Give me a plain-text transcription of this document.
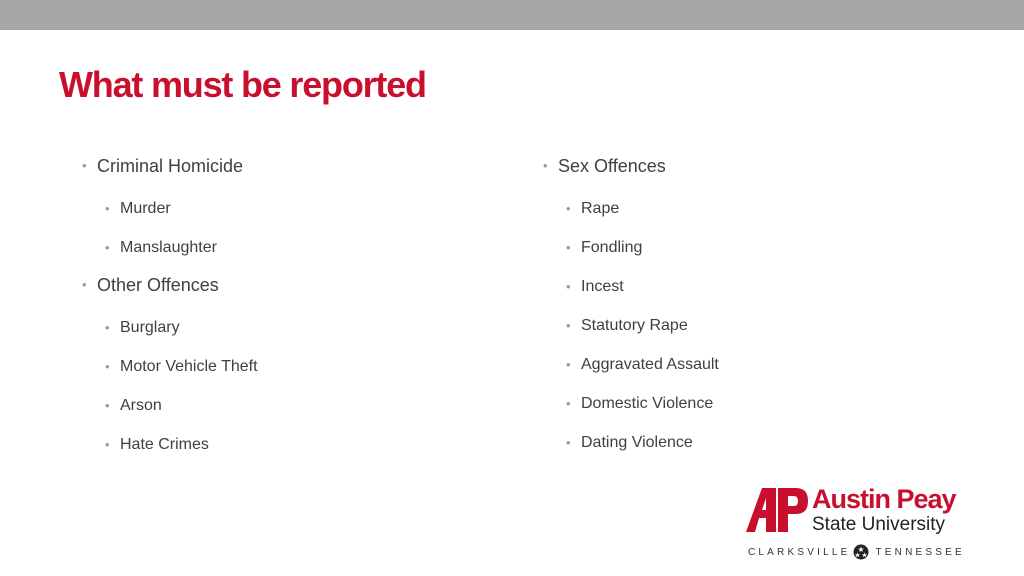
What must be reported
• Criminal Homicide
• Murder
• Manslaughter
• Other Offences
• Burglary
• Motor Vehicle Theft
• Arson
• Hate Crimes
• Sex Offences
• Rape
• Fondling
• Incest
• Statutory Rape
• Aggravated Assault
• Domestic Violence
• Dating Violence
Austin Peay
State University
CLARKSVILLE	TENNESSEE
